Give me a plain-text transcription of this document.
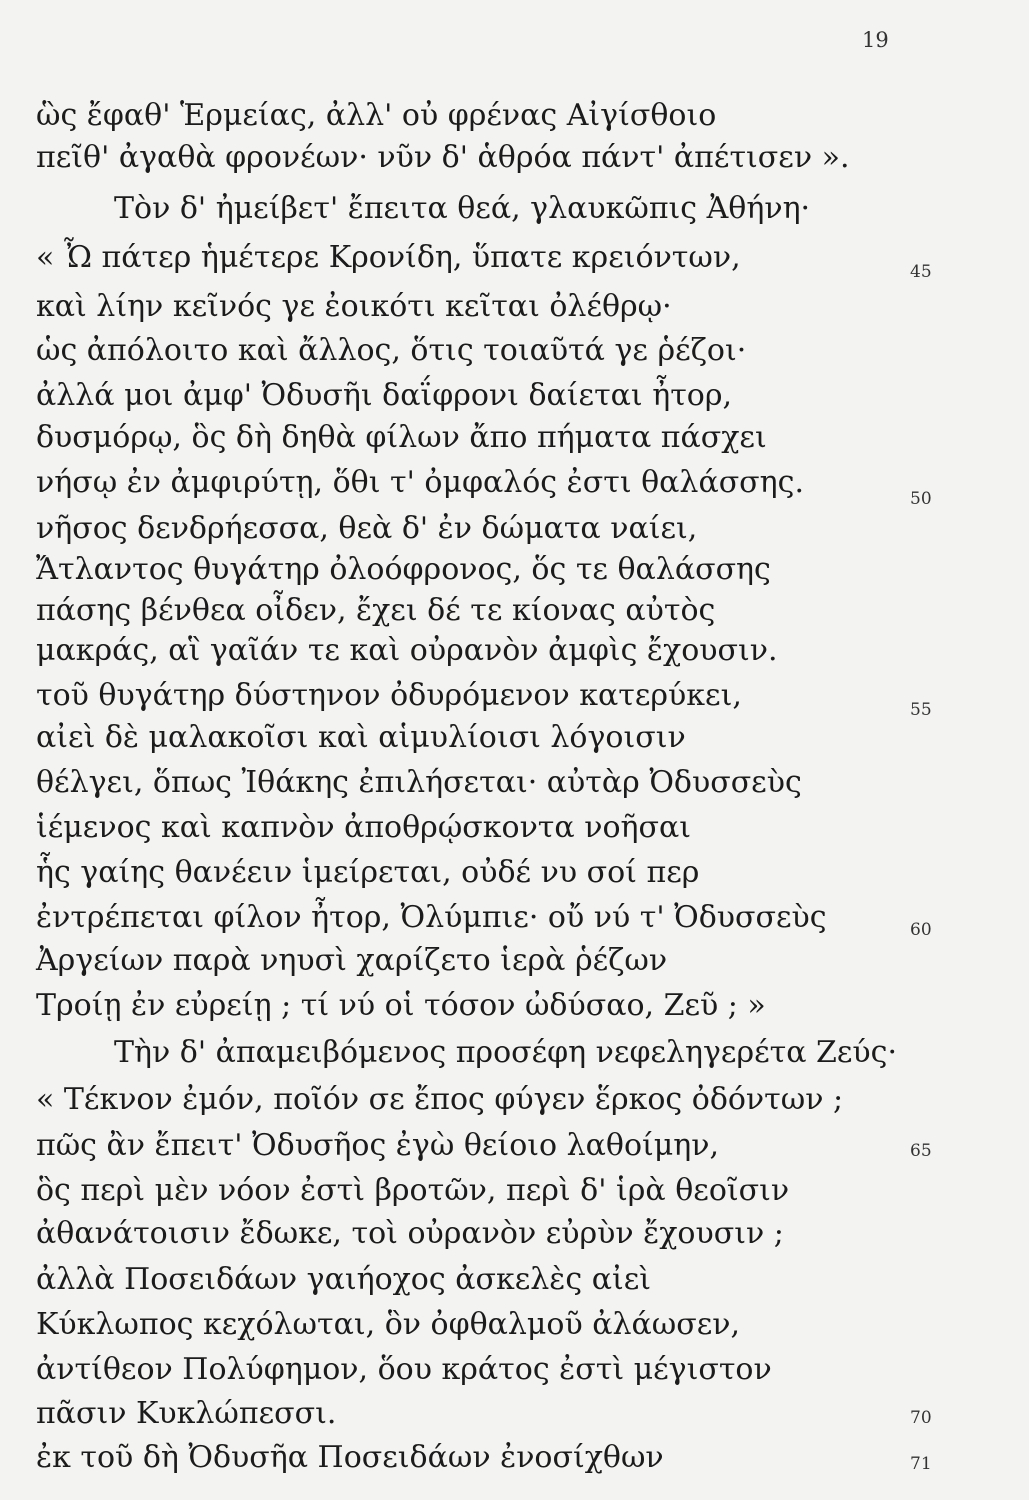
19
ὣς ἔφαθ' Ἑρμείας, ἀλλ' οὐ φρένας Αἰγίσθοιο
πεῖθ' ἀγαθὰ φρονέων· νῦν δ' ἁθρόα πάντ' ἀπέτισεν ».
Τὸν δ' ἠμείβετ' ἔπειτα θεά, γλαυκῶπις Ἀθήνη·
« Ὦ πάτερ ἡμέτερε Κρονίδη, ὕπατε κρειόντων,
καὶ λίην κεῖνός γε ἐοικότι κεῖται ὀλέθρῳ·
ὡς ἀπόλοιτο καὶ ἄλλος, ὅτις τοιαῦτά γε ῥέζοι·
ἀλλά μοι ἀμφ' Ὀδυσῆι δαΐφρονι δαίεται ἦτορ,
δυσμόρῳ, ὃς δὴ δηθὰ φίλων ἄπο πήματα πάσχει
νήσῳ ἐν ἀμφιρύτῃ, ὅθι τ' ὀμφαλός ἐστι θαλάσσης.
νῆσος δενδρήεσσα, θεὰ δ' ἐν δώματα ναίει,
Ἄτλαντος θυγάτηρ ὀλοόφρονος, ὅς τε θαλάσσης
πάσης βένθεα οἶδεν, ἔχει δέ τε κίονας αὐτὸς
μακράς, αἳ γαῖάν τε καὶ οὐρανὸν ἀμφὶς ἔχουσιν.
τοῦ θυγάτηρ δύστηνον ὀδυρόμενον κατερύκει,
αἰεὶ δὲ μαλακοῖσι καὶ αἱμυλίοισι λόγοισιν
θέλγει, ὅπως Ἰθάκης ἐπιλήσεται· αὐτὰρ Ὀδυσσεὺς
ἱέμενος καὶ καπνὸν ἀποθρῴσκοντα νοῆσαι
ἧς γαίης θανέειν ἱμείρεται, οὐδέ νυ σοί περ
ἐντρέπεται φίλον ἦτορ, Ὀλύμπιε· οὔ νύ τ' Ὀδυσσεὺς
Ἀργείων παρὰ νηυσὶ χαρίζετο ἱερὰ ῥέζων
Τροίῃ ἐν εὐρείῃ ; τί νύ οἱ τόσον ὠδύσαο, Ζεῦ ; »
Τὴν δ' ἀπαμειβόμενος προσέφη νεφεληγερέτα Ζεύς·
« Τέκνον ἐμόν, ποῖόν σε ἔπος φύγεν ἕρκος ὀδόντων ;
πῶς ἂν ἔπειτ' Ὀδυσῆος ἐγὼ θείοιο λαθοίμην,
ὃς περὶ μὲν νόον ἐστὶ βροτῶν, περὶ δ' ἱρὰ θεοῖσιν
ἀθανάτοισιν ἔδωκε, τοὶ οὐρανὸν εὐρὺν ἔχουσιν ;
ἀλλὰ Ποσειδάων γαιήοχος ἀσκελὲς αἰεὶ
Κύκλωπος κεχόλωται, ὃν ὀφθαλμοῦ ἀλάωσεν,
ἀντίθεον Πολύφημον, ὅου κράτος ἐστὶ μέγιστον
πᾶσιν Κυκλώπεσσι.
ἐκ τοῦ δὴ Ὀδυσῆα Ποσειδάων ἐνοσίχθων
45
50
55
60
65
70
71
